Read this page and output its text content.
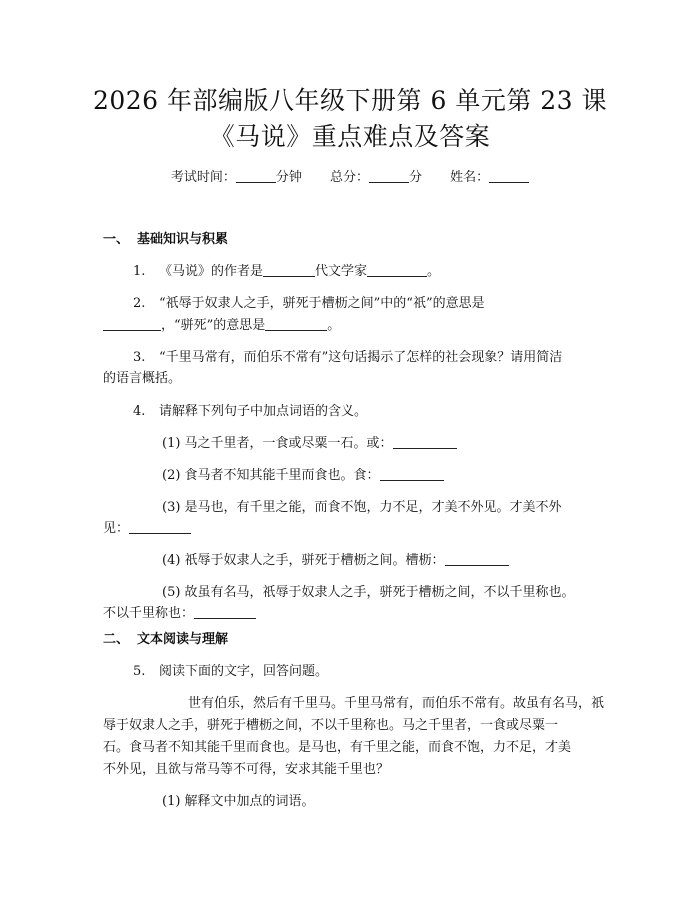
2026 年部编版八年级下册第 6 单元第 23 课
《马说》重点难点及答案
考试时间：	分钟 总分：	分 姓名：
一、 基础知识与积累
1. 《马说》的作者是	代文学家	。
2. “祇辱于奴隶人之手，骈死于槽枥之间”中的“祇”的意思是
，“骈死”的意思是	。
3. “千里马常有，而伯乐不常有”这句话揭示了怎样的社会现象？请用简洁
的语言概括。
4. 请解释下列句子中加点词语的含义。
(1) 马之千里者，一食或尽粟一石。或：
(2) 食马者不知其能千里而食也。食：
(3) 是马也，有千里之能，而食不饱，力不足，才美不外见。才美不外
见：
(4) 祇辱于奴隶人之手，骈死于槽枥之间。槽枥：
(5) 故虽有名马，祇辱于奴隶人之手，骈死于槽枥之间，不以千里称也。
不以千里称也：
二、 文本阅读与理解
5. 阅读下面的文字，回答问题。
世有伯乐，然后有千里马。千里马常有，而伯乐不常有。故虽有名马，祇
辱于奴隶人之手，骈死于槽枥之间，不以千里称也。马之千里者，一食或尽粟一
石。食马者不知其能千里而食也。是马也，有千里之能，而食不饱，力不足，才美
不外见，且欲与常马等不可得，安求其能千里也？
(1) 解释文中加点的词语。
